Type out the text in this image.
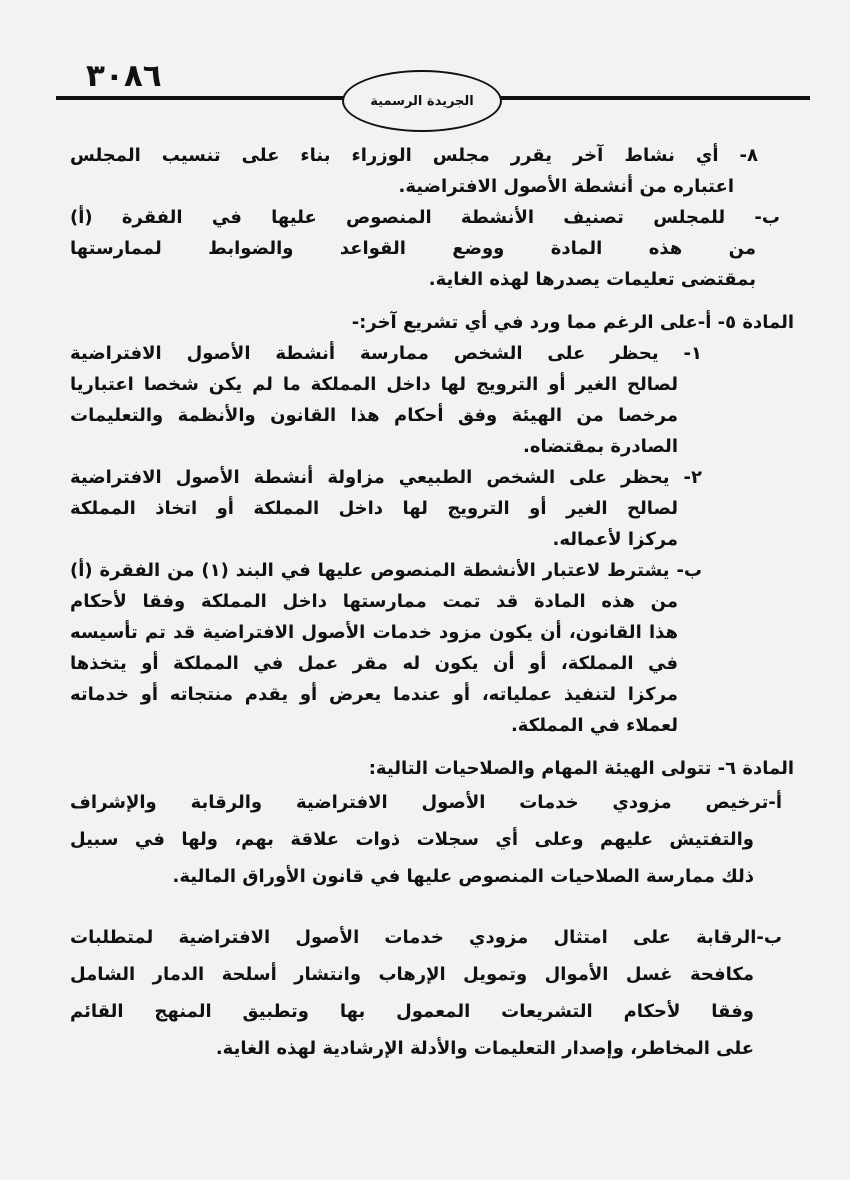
٣٠٨٦
الجريدة الرسمية
٨- أي نشاط آخر يقرر مجلس الوزراء بناء على تنسيب المجلس
اعتباره من أنشطة الأصول الافتراضية.
ب- للمجلس تصنيف الأنشطة المنصوص عليها في الفقرة (أ)
من هذه المادة ووضع القواعد والضوابط لممارستها
بمقتضى تعليمات يصدرها لهذه الغاية.
المادة ٥- أ-على الرغم مما ورد في أي تشريع آخر:-
١- يحظر على الشخص ممارسة أنشطة الأصول الافتراضية
لصالح الغير أو الترويج لها داخل المملكة ما لم يكن شخصا اعتباريا
مرخصا من الهيئة وفق أحكام هذا القانون والأنظمة والتعليمات
الصادرة بمقتضاه.
٢- يحظر على الشخص الطبيعي مزاولة أنشطة الأصول الافتراضية
لصالح الغير أو الترويج لها داخل المملكة أو اتخاذ المملكة
مركزا لأعماله.
ب- يشترط لاعتبار الأنشطة المنصوص عليها في البند (١) من الفقرة (أ)
من هذه المادة قد تمت ممارستها داخل المملكة وفقا لأحكام
هذا القانون، أن يكون مزود خدمات الأصول الافتراضية قد تم تأسيسه
في المملكة، أو أن يكون له مقر عمل في المملكة أو يتخذها
مركزا لتنفيذ عملياته، أو عندما يعرض أو يقدم منتجاته أو خدماته
لعملاء في المملكة.
المادة ٦- تتولى الهيئة المهام والصلاحيات التالية:
أ-ترخيص مزودي خدمات الأصول الافتراضية والرقابة والإشراف
والتفتيش عليهم وعلى أي سجلات ذوات علاقة بهم، ولها في سبيل
ذلك ممارسة الصلاحيات المنصوص عليها في قانون الأوراق المالية.
ب-الرقابة على امتثال مزودي خدمات الأصول الافتراضية لمتطلبات
مكافحة غسل الأموال وتمويل الإرهاب وانتشار أسلحة الدمار الشامل
وفقا لأحكام التشريعات المعمول بها وتطبيق المنهج القائم
على المخاطر، وإصدار التعليمات والأدلة الإرشادية لهذه الغاية.
